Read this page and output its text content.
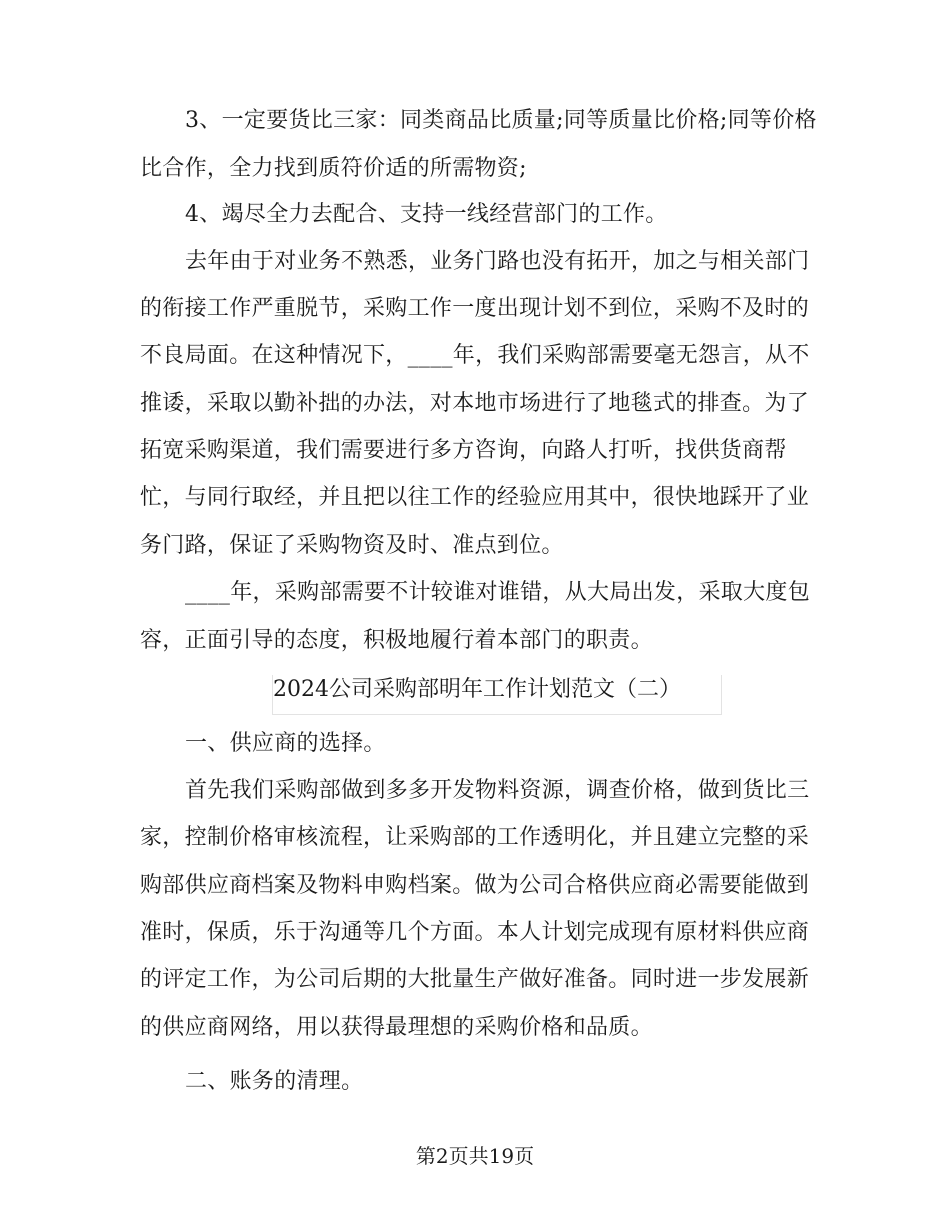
3、一定要货比三家：同类商品比质量;同等质量比价格;同等价格
比合作，全力找到质符价适的所需物资;
4、竭尽全力去配合、支持一线经营部门的工作。
去年由于对业务不熟悉，业务门路也没有拓开，加之与相关部门
的衔接工作严重脱节，采购工作一度出现计划不到位，采购不及时的
不良局面。在这种情况下，____年，我们采购部需要毫无怨言，从不
推诿，采取以勤补拙的办法，对本地市场进行了地毯式的排查。为了
拓宽采购渠道，我们需要进行多方咨询，向路人打听，找供货商帮
忙，与同行取经，并且把以往工作的经验应用其中，很快地踩开了业
务门路，保证了采购物资及时、准点到位。
____年，采购部需要不计较谁对谁错，从大局出发，采取大度包
容，正面引导的态度，积极地履行着本部门的职责。
2024公司采购部明年工作计划范文（二）
一、供应商的选择。
首先我们采购部做到多多开发物料资源，调查价格，做到货比三
家，控制价格审核流程，让采购部的工作透明化，并且建立完整的采
购部供应商档案及物料申购档案。做为公司合格供应商必需要能做到
准时，保质，乐于沟通等几个方面。本人计划完成现有原材料供应商
的评定工作，为公司后期的大批量生产做好准备。同时进一步发展新
的供应商网络，用以获得最理想的采购价格和品质。
二、账务的清理。
第2页共19页
